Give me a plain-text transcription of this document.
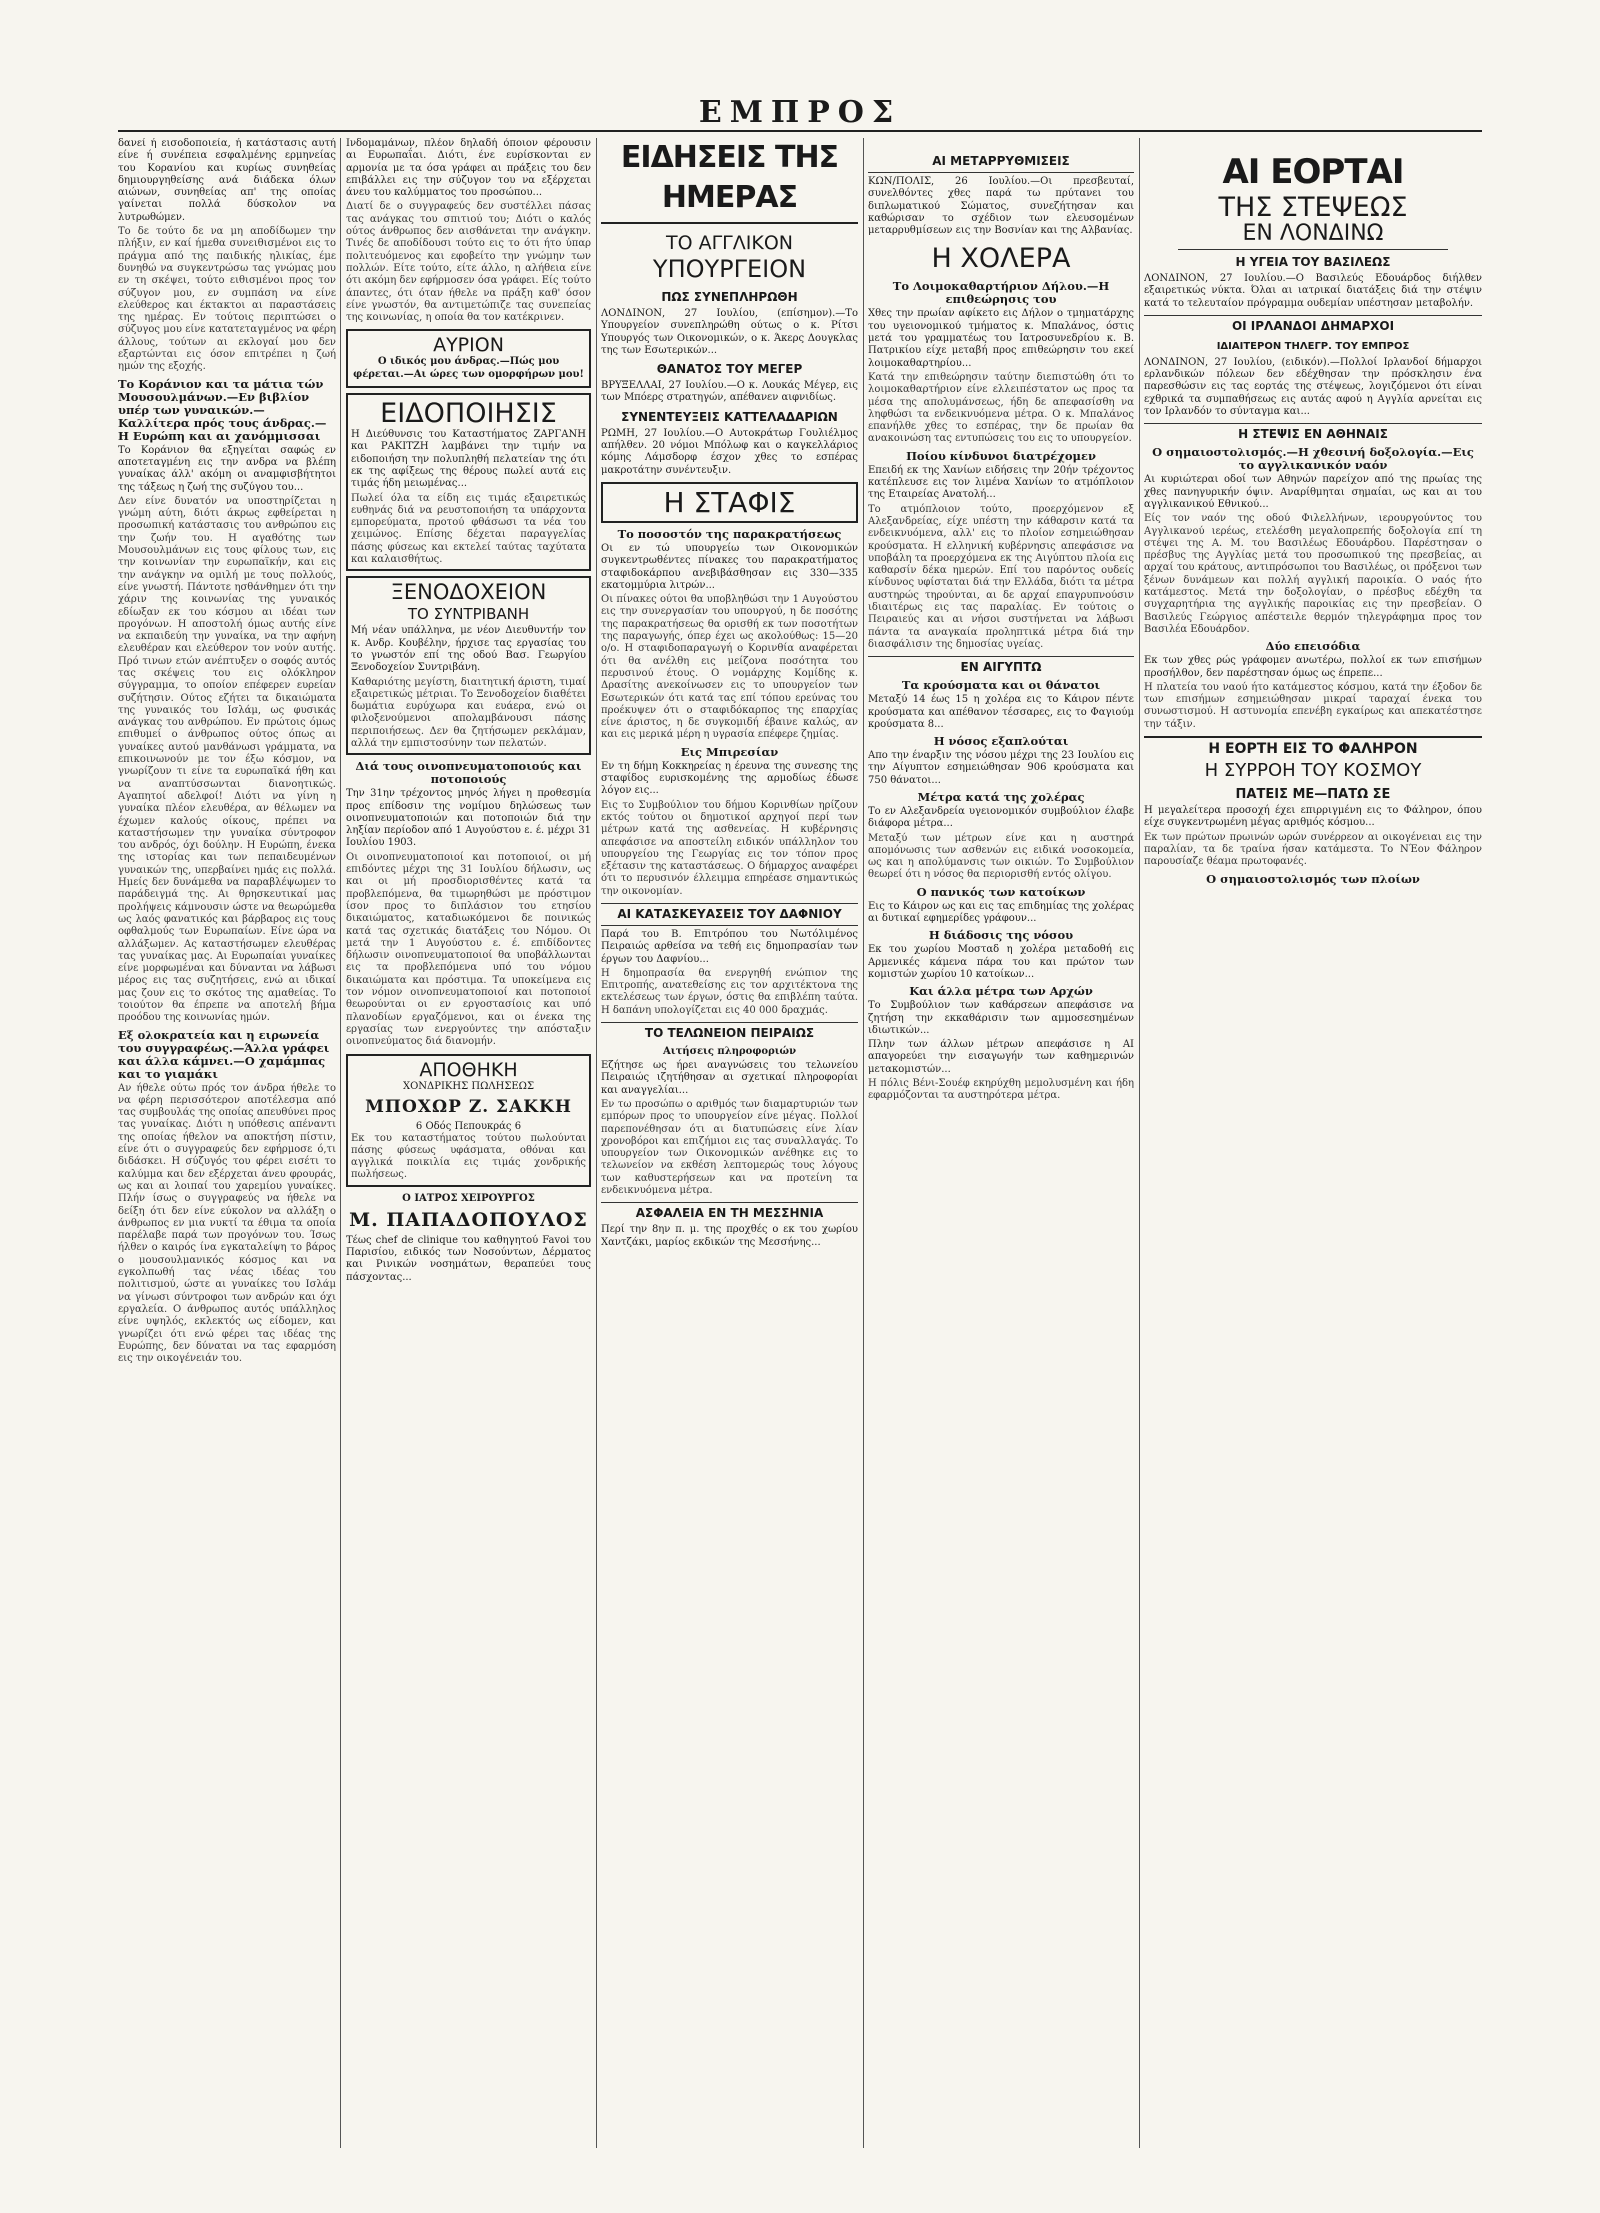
ΕΜΠΡΟΣ

δανεί ή εισοδοποιεία, ή κατάστασις αυτή είνε ή συνέπεια εσφαλμένης ερμηνείας του Κορανίου και κυρίως συνηθείας δημιουργηθείσης ανά διάδεκα όλων αιώνων, συνηθείας απ' της οποίας γαίνεται πολλά δύσκολον να λυτρωθώμεν.

Το δε τούτο δε να μη αποδίδωμεν την πλήξιν, εν καί ήμεθα συνειθισμένοι εις το πράγμα από της παιδικής ηλικίας, έμε δυνηθώ να συγκεντρώσω τας γνώμας μου εν τη σκέψει, τούτο ειθισμένοι προς τον σύζυγον μου, εν συμπάση να είνε ελεύθερος και έκτακτοι αι παραστάσεις της ημέρας. Εν τούτοις περιπτώσει ο σύζυγος μου είνε κατατεταγμένος να φέρη άλλους, τούτων αι εκλογαί μου δεν εξαρτώνται εις όσον επιτρέπει η ζωή ημών της εξοχής.

Το Κοράνιον και τα μάτια τών Μουσουλμάνων.—Εν βιβλίον υπέρ των γυναικών.—Καλλίτερα πρός τους άνδρας.—Η Ευρώπη και αι χανόμμισσαι

Το Κοράνιον θα εξηγείται σαφώς εν αποτεταγμένη εις την ανδρα να βλέπη γυναίκας άλλ' ακόμη οι αναμφισβήτητοι της τάξεως η ζωή της συζύγου του...

Δεν είνε δυνατόν να υποστηρίζεται η γνώμη αύτη, διότι άκρως εφθείρεται η προσωπική κατάστασις του ανθρώπου εις την ζωήν του. Η αγαθότης των Μουσουλμάνων εις τους φίλους των, εις την κοινωνίαν την ευρωπαϊκήν, και εις την ανάγκην να ομιλή με τους πολλούς, είνε γνωστή. Πάντοτε ησθάνθημεν ότι την χάριν της κοινωνίας της γυναικός εδίωξαν εκ του κόσμου αι ιδέαι των προγόνων. Η αποστολή όμως αυτής είνε να εκπαιδεύη την γυναίκα, να την αφήνη ελευθέραν και ελεύθερον τον νούν αυτής. Πρό τινων ετών ανέπτυξεν ο σοφός αυτός τας σκέψεις του εις ολόκληρον σύγγραμμα, το οποίον επέφερεν ευρείαν συζήτησιν. Ούτος εζήτει τα δικαιώματα της γυναικός του Ισλάμ, ως φυσικάς ανάγκας του ανθρώπου. Εν πρώτοις όμως επιθυμεί ο άνθρωπος ούτος όπως αι γυναίκες αυτού μανθάνωσι γράμματα, να επικοινωνούν με τον έξω κόσμον, να γνωρίζουν τι είνε τα ευρωπαϊκά ήθη και να αναπτύσσωνται διανοητικώς. Αγαπητοί αδελφοί! Διότι να γίνη η γυναίκα πλέον ελευθέρα, αν θέλωμεν να έχωμεν καλούς οίκους, πρέπει να καταστήσωμεν την γυναίκα σύντροφον του ανδρός, όχι δούλην. Η Ευρώπη, ένεκα της ιστορίας και των πεπαιδευμένων γυναικών της, υπερβαίνει ημάς εις πολλά. Ημείς δεν δυνάμεθα να παραβλέψωμεν το παράδειγμά της. Αι θρησκευτικαί μας προλήψεις κάμνουσιν ώστε να θεωρώμεθα ως λαός φανατικός και βάρβαρος εις τους οφθαλμούς των Ευρωπαίων. Είνε ώρα να αλλάξωμεν. Ας καταστήσωμεν ελευθέρας τας γυναίκας μας. Αι Ευρωπαίαι γυναίκες είνε μορφωμέναι και δύνανται να λάβωσι μέρος εις τας συζητήσεις, ενώ αι ιδικαί μας ζουν εις το σκότος της αμαθείας. Το τοιούτον θα έπρεπε να αποτελή βήμα προόδου της κοινωνίας ημών.

Εξ ολοκρατεία και η ειρωνεία του συγγραφέως.—Άλλα γράφει και άλλα κάμνει.—Ο χαμάμπας και το γιαμάκι

Αν ήθελε ούτω πρός τον άνδρα ήθελε το να φέρη περισσότερον αποτέλεσμα από τας συμβουλάς της οποίας απευθύνει προς τας γυναίκας. Διότι η υπόθεσις απέναντι της οποίας ήθελον να αποκτήση πίστιν, είνε ότι ο συγγραφεύς δεν εφήρμοσε ό,τι διδάσκει. Η σύζυγός του φέρει εισέτι το καλύμμα και δεν εξέρχεται άνευ φρουράς, ως και αι λοιπαί του χαρεμίου γυναίκες. Πλήν ίσως ο συγγραφεύς να ήθελε να δείξη ότι δεν είνε εύκολον να αλλάξη ο άνθρωπος εν μια νυκτί τα έθιμα τα οποία παρέλαβε παρά των προγόνων του. Ίσως ήλθεν ο καιρός ίνα εγκαταλείψη το βάρος ο μουσουλμανικός κόσμος και να εγκολπωθή τας νέας ιδέας του πολιτισμού, ώστε αι γυναίκες του Ισλάμ να γίνωσι σύντροφοι των ανδρών και όχι εργαλεία. Ο άνθρωπος αυτός υπάλληλος είνε υψηλός, εκλεκτός ως είδομεν, και γνωρίζει ότι ενώ φέρει τας ιδέας της Ευρώπης, δεν δύναται να τας εφαρμόση εις την οικογένειάν του.

Ινδομαμάνων, πλέον δηλαδή όποιον φέρουσιν αι Ευρωπαΐαι. Διότι, ένε ευρίσκονται εν αρμονία με τα όσα γράφει αι πράξεις του δεν επιβάλλει εις την σύζυγον του να εξέρχεται άνευ του καλύμματος του προσώπου...

Διατί δε ο συγγραφεύς δεν συστέλλει πάσας τας ανάγκας του σπιτιού του; Διότι ο καλός ούτος άνθρωπος δεν αισθάνεται την ανάγκην. Τινές δε αποδίδουσι τούτο εις το ότι ήτο ύπαρ πολιτευόμενος και εφοβείτο την γνώμην των πολλών. Είτε τούτο, είτε άλλο, η αλήθεια είνε ότι ακόμη δεν εφήρμοσεν όσα γράφει. Είς τούτο άπαντες, ότι όταν ήθελε να πράξη καθ' όσον είνε γνωστόν, θα αντιμετώπιζε τας συνεπείας της κοινωνίας, η οποία θα τον κατέκρινεν.
ΑΥΡΙΟΝ

Ο ιδικός μου άνδρας.—Πώς μου φέρεται.—Αι ώρες των ομορφήρων μου!

ΕΙΔΟΠΟΙΗΣΙΣ

Η Διεύθυνσις του Καταστήματος ΖΑΡΓΑΝΗ και ΡΑΚΙΤΖΗ λαμβάνει την τιμήν να ειδοποιήση την πολυπληθή πελατείαν της ότι εκ της αφίξεως της θέρους πωλεί αυτά εις τιμάς ήδη μειωμένας...

Πωλεί όλα τα είδη εις τιμάς εξαιρετικώς ευθηνάς διά να ρευστοποιήση τα υπάρχοντα εμπορεύματα, προτού φθάσωσι τα νέα του χειμώνος. Επίσης δέχεται παραγγελίας πάσης φύσεως και εκτελεί ταύτας ταχύτατα και καλαισθήτως.
ΞΕΝΟΔΟΧΕΙΟΝ
ΤΟ ΣΥΝΤΡΙΒΑΝΗ

Μή νέαν υπάλληνα, με νέον Διευθυντήν τον κ. Ανδρ. Κουβέλην, ήρχισε τας εργασίας του το γνωστόν επί της οδού Βασ. Γεωργίου Ξενοδοχείον Συντριβάνη.

Καθαριότης μεγίστη, διαιτητική άριστη, τιμαί εξαιρετικώς μέτριαι. Το Ξενοδοχείον διαθέτει δωμάτια ευρύχωρα και ευάερα, ενώ οι φιλοξενούμενοι απολαμβάνουσι πάσης περιποιήσεως. Δεν θα ζητήσωμεν ρεκλάμαν, αλλά την εμπιστοσύνην των πελατών.

Διά τους οινοπνευματοποιούς και ποτοποιούς

Την 31ην τρέχοντος μηνός λήγει η προθεσμία προς επίδοσιν της νομίμου δηλώσεως των οινοπνευματοποιών και ποτοποιών διά την ληξίαν περίοδον από 1 Αυγούστου ε. έ. μέχρι 31 Ιουλίου 1903.

Οι οινοπνευματοποιοί και ποτοποιοί, οι μή επιδόντες μέχρι της 31 Ιουλίου δήλωσιν, ως και οι μή προσδιορισθέντες κατά τα προβλεπόμενα, θα τιμωρηθώσι με πρόστιμον ίσον προς το διπλάσιον του ετησίου δικαιώματος, καταδιωκόμενοι δε ποινικώς κατά τας σχετικάς διατάξεις του Νόμου. Οι μετά την 1 Αυγούστου ε. έ. επιδίδοντες δήλωσιν οινοπνευματοποιοί θα υποβάλλωνται εις τα προβλεπόμενα υπό του νόμου δικαιώματα και πρόστιμα. Τα υποκείμενα εις τον νόμον οινοπνευματοποιοί και ποτοποιοί θεωρούνται οι εν εργοστασίοις και υπό πλανοδίων εργαζόμενοι, και οι ένεκα της εργασίας των ενεργούντες την απόσταξιν οινοπνεύματος διά διανομήν.
ΑΠΟΘΗΚΗ
ΧΟΝΔΡΙΚΗΣ ΠΩΛΗΣΕΩΣ
ΜΠΟΧΩΡ Ζ. ΣΑΚΚΗ
6 Οδός Πεπουκράς 6
Εκ του καταστήματος τούτου πωλούνται πάσης φύσεως υφάσματα, οθόναι και αγγλικά ποικιλία εις τιμάς χονδρικής πωλήσεως.
Ο ΙΑΤΡΟΣ ΧΕΙΡΟΥΡΓΟΣ
Μ. ΠΑΠΑΔΟΠΟΥΛΟΣ

Τέως chef de clinique του καθηγητού Favoi του Παρισίου, ειδικός των Νοσούντων, Δέρματος και Ρινικών νοσημάτων, θεραπεύει τους πάσχοντας...

ΕΙΔΗΣΕΙΣ ΤΗΣ ΗΜΕΡΑΣ
ΤΟ ΑΓΓΛΙΚΟΝ
ΥΠΟΥΡΓΕΙΟΝ
ΠΩΣ ΣΥΝΕΠΛΗΡΩΘΗ

ΛΟΝΔΙΝΟΝ, 27 Ιουλίου, (επίσημον).—Το Υπουργείον συνεπληρώθη ούτως ο κ. Ρίτσι Υπουργός των Οικονομικών, ο κ. Άκερς Δουγκλας της των Εσωτερικών...

ΘΑΝΑΤΟΣ ΤΟΥ ΜΕΓΕΡ

ΒΡΥΞΕΛΛΑΙ, 27 Ιουλίου.—Ο κ. Λουκάς Μέγερ, εις των Μπόερς στρατηγών, απέθανεν αιφνιδίως.

ΣΥΝΕΝΤΕΥΞΕΙΣ ΚΑΤΤΕΛΑΔΑΡΙΩΝ

ΡΩΜΗ, 27 Ιουλίου.—Ο Αυτοκράτωρ Γουλιέλμος απήλθεν. 20 νόμοι Μπόλωφ και ο καγκελλάριος κόμης Λάμσδορφ έσχον χθες το εσπέρας μακροτάτην συνέντευξιν.

Η ΣΤΑΦΙΣ

Το ποσοστόν της παρακρατήσεως

Οι εν τώ υπουργείω των Οικονομικών συγκεντρωθέντες πίνακες του παρακρατήματος σταφιδοκάρπου ανεβιβάσθησαν εις 330—335 εκατομμύρια λιτρών...

Οι πίνακες ούτοι θα υποβληθώσι την 1 Αυγούστου εις την συνεργασίαν του υπουργού, η δε ποσότης της παρακρατήσεως θα ορισθή εκ των ποσοτήτων της παραγωγής, όπερ έχει ως ακολούθως: 15—20 ο/ο. Η σταφιδοπαραγωγή ο Κορινθία αναφέρεται ότι θα ανέλθη εις μείζονα ποσότητα του περυσινού έτους. Ο νομάρχης Κομίδης κ. Δρασίτης ανεκοίνωσεν εις το υπουργείον των Εσωτερικών ότι κατά τας επί τόπου ερεύνας του προέκυψεν ότι ο σταφιδόκαρπος της επαρχίας είνε άριστος, η δε συγκομιδή έβαινε καλώς, αν και εις μερικά μέρη η υγρασία επέφερε ζημίας.

Εις Μπιρεσίαν

Εν τη δήμη Κοκκηρείας η έρευνα της συνεσης της σταφίδος ευρισκομένης της αρμοδίως έδωσε λόγον εις...

Εις το Συμβούλιον του δήμου Κορινθίων ηρίζουν εκτός τούτου οι δημοτικοί αρχηγοί περί των μέτρων κατά της ασθενείας. Η κυβέρνησις απεφάσισε να αποστείλη ειδικόν υπάλληλον του υπουργείου της Γεωργίας εις τον τόπον προς εξέτασιν της καταστάσεως. Ο δήμαρχος αναφέρει ότι το περυσινόν έλλειμμα επηρέασε σημαντικώς την οικονομίαν.
ΑΙ ΚΑΤΑΣΚΕΥΑΣΕΙΣ ΤΟΥ ΔΑΦΝΙΟΥ

Παρά του Β. Επιτρόπου του Νωτόλιμένος Πειραιώς αρθείσα να τεθή εις δημοπρασίαν των έργων του Δαφνίου...

Η δημοπρασία θα ενεργηθή ενώπιον της Επιτροπής, ανατεθείσης εις τον αρχιτέκτονα της εκτελέσεως των έργων, όστις θα επιβλέπη ταύτα. Η δαπάνη υπολογίζεται εις 40 000 δραχμάς.
ΤΟ ΤΕΛΩΝΕΙΟΝ ΠΕΙΡΑΙΩΣ

Αιτήσεις πληροφοριών

Εζήτησε ως ήρει αναγνώσεις του τελωνείου Πειραιώς ιζητήθησαν αι σχετικαί πληροφορίαι και αναγγελίαι...

Εν τω προσώπω ο αριθμός των διαμαρτυριών των εμπόρων προς το υπουργείον είνε μέγας. Πολλοί παρεπονέθησαν ότι αι διατυπώσεις είνε λίαν χρονοβόροι και επιζήμιοι εις τας συναλλαγάς. Το υπουργείον των Οικονομικών ανέθηκε εις το τελωνείον να εκθέση λεπτομερώς τους λόγους των καθυστερήσεων και να προτείνη τα ενδεικνυόμενα μέτρα.
ΑΣΦΑΛΕΙΑ ΕΝ ΤΗ ΜΕΣΣΗΝΙΑ

Περί την 8ην π. μ. της προχθές ο εκ του χωρίου Χαντζάκι, μαρίος εκδικών της Μεσσήνης...

ΑΙ ΜΕΤΑΡΡΥΘΜΙΣΕΙΣ

ΚΩΝ/ΠΟΛΙΣ, 26 Ιουλίου.—Οι πρεσβευταί, συνελθόντες χθες παρά τω πρύτανει του διπλωματικού Σώματος, συνεζήτησαν και καθώρισαν το σχέδιον των ελευσομένων μεταρρυθμίσεων εις την Βοσνίαν και της Αλβανίας.

Η ΧΟΛΕΡΑ

Το Λοιμοκαθαρτήριον Δήλου.—Η επιθεώρησις του

Χθες την πρωίαν αφίκετο εις Δήλον ο τμηματάρχης του υγειονομικού τμήματος κ. Μπαλάνος, όστις μετά του γραμματέως του Ιατροσυνεδρίου κ. Β. Πατρικίου είχε μεταβή προς επιθεώρησιν του εκεί λοιμοκαθαρτηρίου...

Κατά την επιθεώρησιν ταύτην διεπιστώθη ότι το λοιμοκαθαρτήριον είνε ελλειπέστατον ως προς τα μέσα της απολυμάνσεως, ήδη δε απεφασίσθη να ληφθώσι τα ενδεικνυόμενα μέτρα. Ο κ. Μπαλάνος επανήλθε χθες το εσπέρας, την δε πρωίαν θα ανακοινώση τας εντυπώσεις του εις το υπουργείον.

Ποίου κίνδυνοι διατρέχομεν

Επειδή εκ της Χανίων ειδήσεις την 20ήν τρέχοντος κατέπλευσε εις τον λιμένα Χανίων το ατμόπλοιον της Εταιρείας Ανατολή...

Το ατμόπλοιον τούτο, προερχόμενον εξ Αλεξανδρείας, είχε υπέστη την κάθαρσιν κατά τα ενδεικνυόμενα, αλλ' εις το πλοίον εσημειώθησαν κρούσματα. Η ελληνική κυβέρνησις απεφάσισε να υποβάλη τα προερχόμενα εκ της Αιγύπτου πλοία εις καθαρσίν δέκα ημερών. Επί του παρόντος ουδείς κίνδυνος υφίσταται διά την Ελλάδα, διότι τα μέτρα αυστηρώς τηρούνται, αι δε αρχαί επαγρυπνούσιν ιδιαιτέρως εις τας παραλίας. Εν τούτοις ο Πειραιεύς και αι νήσοι συστήνεται να λάβωσι πάντα τα αναγκαία προληπτικά μέτρα διά την διασφάλισιν της δημοσίας υγείας.
ΕΝ ΑΙΓΥΠΤΩ

Τα κρούσματα και οι θάνατοι

Μεταξύ 14 έως 15 η χολέρα εις το Κάιρον πέντε κρούσματα και απέθανον τέσσαρες, εις το Φαγιούμ κρούσματα 8...

Η νόσος εξαπλούται

Απο την έναρξιν της νόσου μέχρι της 23 Ιουλίου εις την Αίγυπτον εσημειώθησαν 906 κρούσματα και 750 θάνατοι...

Μέτρα κατά της χολέρας

Το εν Αλεξανδρεία υγειονομικόν συμβούλιον έλαβε διάφορα μέτρα...

Μεταξύ των μέτρων είνε και η αυστηρά απομόνωσις των ασθενών εις ειδικά νοσοκομεία, ως και η απολύμανσις των οικιών. Το Συμβούλιον θεωρεί ότι η νόσος θα περιορισθή εντός ολίγου.

Ο πανικός των κατοίκων

Εις το Κάιρον ως και εις τας επιδημίας της χολέρας αι δυτικαί εφημερίδες γράφουν...

Η διάδοσις της νόσου

Εκ του χωρίου Μοσταδ η χολέρα μεταδοθή εις Αρμενικές κάμενα πάρα του και πρώτον των κομιστών χωρίου 10 κατοίκων...

Και άλλα μέτρα των Αρχών

Το Συμβούλιον των καθάρσεων απεφάσισε να ζητήση την εκκαθάρισιν των αμμοσεσημένων ιδιωτικών...

Πλην των άλλων μέτρων απεφάσισε η ΑΙ απαγορεύει την εισαγωγήν των καθημερινών μετακομιστών...

Η πόλις Βένι-Σουέφ εκηρύχθη μεμολυσμένη και ήδη εφαρμόζονται τα αυστηρότερα μέτρα.
ΑΙ ΕΟΡΤΑΙ
ΤΗΣ ΣΤΕΨΕΩΣ
ΕΝ ΛΟΝΔΙΝΩ
Η ΥΓΕΙΑ ΤΟΥ ΒΑΣΙΛΕΩΣ

ΛΟΝΔΙΝΟΝ, 27 Ιουλίου.—Ο Βασιλεύς Εδουάρδος διήλθεν εξαιρετικώς νύκτα. Όλαι αι ιατρικαί διατάξεις διά την στέψιν κατά το τελευταίον πρόγραμμα ουδεμίαν υπέστησαν μεταβολήν.

ΟΙ ΙΡΛΑΝΔΟΙ ΔΗΜΑΡΧΟΙ
ΙΔΙΑΙΤΕΡΟΝ ΤΗΛΕΓΡ. ΤΟΥ ΕΜΠΡΟΣ

ΛΟΝΔΙΝΟΝ, 27 Ιουλίου, (ειδικόν).—Πολλοί Ιρλανδοί δήμαρχοι ερλανδικών πόλεων δεν εδέχθησαν την πρόσκλησιν ένα παρεσθώσιν εις τας εορτάς της στέψεως, λογιζόμενοι ότι είναι εχθρικά τα συμπαθήσεως εις αυτάς αφού η Αγγλία αρνείται εις τον Ιρλανδόν το σύνταγμα και...

Η ΣΤΕΨΙΣ ΕΝ ΑΘΗΝΑΙΣ

Ο σημαιοστολισμός.—Η χθεσινή δοξολογία.—Εις το αγγλικανικόν ναόν

Αι κυριώτεραι οδοί των Αθηνών παρείχον από της πρωίας της χθες πανηγυρικήν όψιν. Αναρίθμηται σημαίαι, ως και αι του αγγλικανικού Εθνικού...

Είς τον ναόν της οδού Φιλελλήνων, ιερουργούντος του Αγγλικανού ιερέως, ετελέσθη μεγαλοπρεπής δοξολογία επί τη στέψει της Α. Μ. του Βασιλέως Εδουάρδου. Παρέστησαν ο πρέσβυς της Αγγλίας μετά του προσωπικού της πρεσβείας, αι αρχαί του κράτους, αντιπρόσωποι του Βασιλέως, οι πρόξενοι των ξένων δυνάμεων και πολλή αγγλική παροικία. Ο ναός ήτο κατάμεστος. Μετά την δοξολογίαν, ο πρέσβυς εδέχθη τα συγχαρητήρια της αγγλικής παροικίας εις την πρεσβείαν. Ο Βασιλεύς Γεώργιος απέστειλε θερμόν τηλεγράφημα προς τον Βασιλέα Εδουάρδον.

Δύο επεισόδια

Εκ των χθες ρώς γράφομεν ανωτέρω, πολλοί εκ των επισήμων προσήλθον, δεν παρέστησαν όμως ως έπρεπε...

Η πλατεία του ναού ήτο κατάμεστος κόσμου, κατά την έξοδον δε των επισήμων εσημειώθησαν μικραί ταραχαί ένεκα του συνωστισμού. Η αστυνομία επενέβη εγκαίρως και απεκατέστησε την τάξιν.
Η ΕΟΡΤΗ ΕΙΣ ΤΟ ΦΑΛΗΡΟΝ
Η ΣΥΡΡΟΗ ΤΟΥ ΚΟΣΜΟΥ
ΠΑΤΕΙΣ ΜΕ—ΠΑΤΩ ΣΕ

Η μεγαλείτερα προσοχή έχει επιρριγμένη εις το Φάληρον, όπου είχε συγκεντρωμένη μέγας αριθμός κόσμου...

Εκ των πρώτων πρωινών ωρών συνέρρεον αι οικογένειαι εις την παραλίαν, τα δε τραίνα ήσαν κατάμεστα. Το ΝΈον Φάληρον παρουσίαζε θέαμα πρωτοφανές.

Ο σημαιοστολισμός των πλοίων
